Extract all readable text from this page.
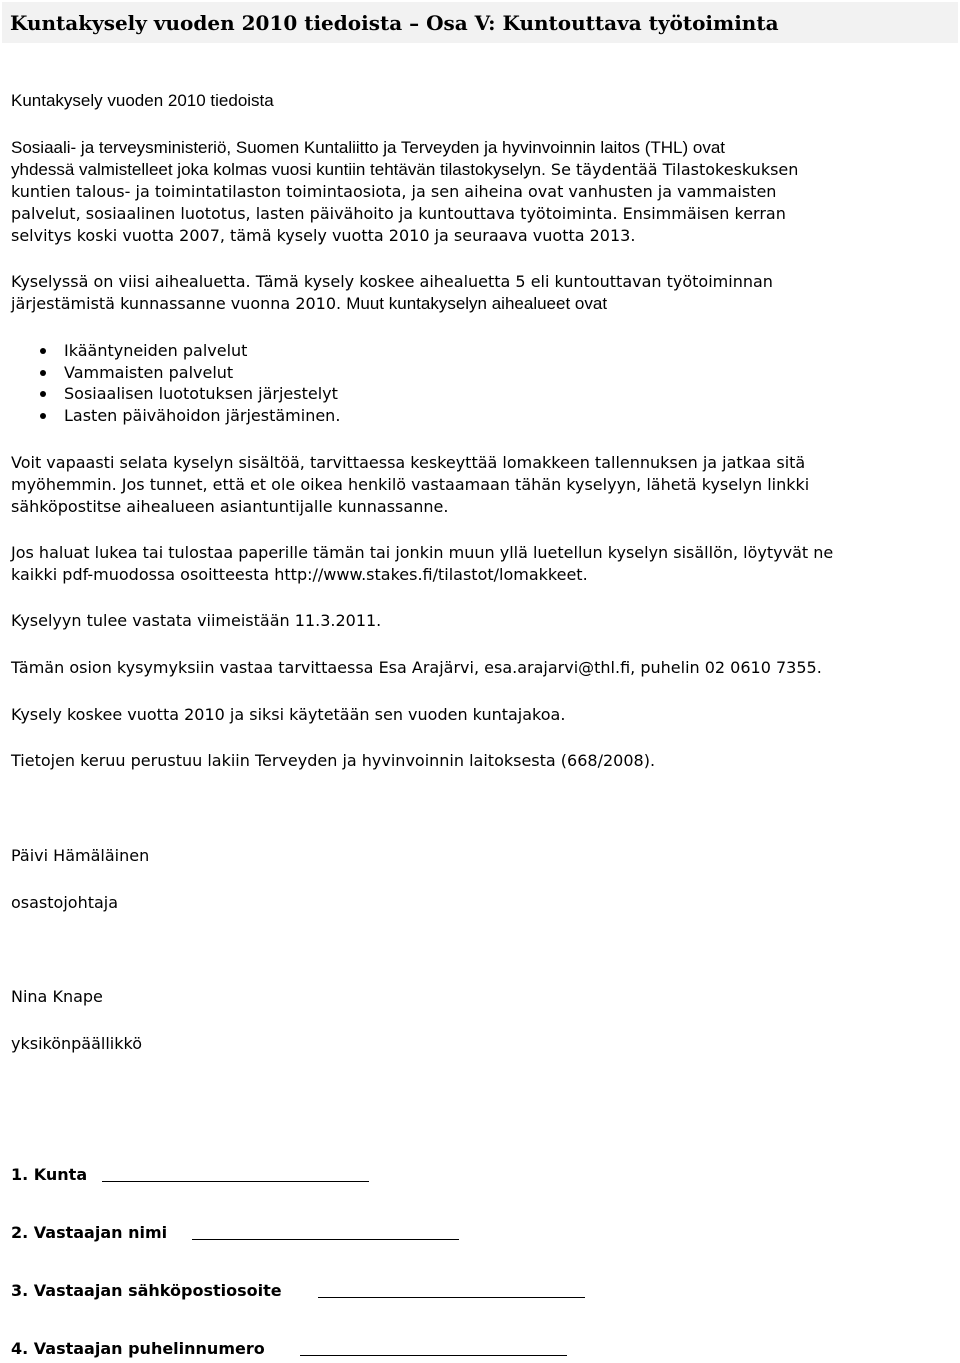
Kuntakysely vuoden 2010 tiedoista – Osa V: Kuntouttava työtoiminta
Kuntakysely vuoden 2010 tiedoista
Sosiaali- ja terveysministeriö, Suomen Kuntaliitto ja Terveyden ja hyvinvoinnin laitos (THL) ovat
yhdessä valmistelleet joka kolmas vuosi kuntiin tehtävän tilastokyselyn. Se täydentää Tilastokeskuksen
kuntien talous- ja toimintatilaston toimintaosiota, ja sen aiheina ovat vanhusten ja vammaisten
palvelut, sosiaalinen luototus, lasten päivähoito ja kuntouttava työtoiminta. Ensimmäisen kerran
selvitys koski vuotta 2007, tämä kysely vuotta 2010 ja seuraava vuotta 2013.
Kyselyssä on viisi aihealuetta. Tämä kysely koskee aihealuetta 5 eli kuntouttavan työtoiminnan
järjestämistä kunnassanne vuonna 2010. Muut kuntakyselyn aihealueet ovat
Ikääntyneiden palvelut
Vammaisten palvelut
Sosiaalisen luototuksen järjestelyt
Lasten päivähoidon järjestäminen.
Voit vapaasti selata kyselyn sisältöä, tarvittaessa keskeyttää lomakkeen tallennuksen ja jatkaa sitä
myöhemmin. Jos tunnet, että et ole oikea henkilö vastaamaan tähän kyselyyn, lähetä kyselyn linkki
sähköpostitse aihealueen asiantuntijalle kunnassanne.
Jos haluat lukea tai tulostaa paperille tämän tai jonkin muun yllä luetellun kyselyn sisällön, löytyvät ne
kaikki pdf-muodossa osoitteesta http://www.stakes.fi/tilastot/lomakkeet.
Kyselyyn tulee vastata viimeistään 11.3.2011.
Tämän osion kysymyksiin vastaa tarvittaessa Esa Arajärvi, esa.arajarvi@thl.fi, puhelin 02 0610 7355.
Kysely koskee vuotta 2010 ja siksi käytetään sen vuoden kuntajakoa.
Tietojen keruu perustuu lakiin Terveyden ja hyvinvoinnin laitoksesta (668/2008).
Päivi Hämäläinen
osastojohtaja
Nina Knape
yksikönpäällikkö
1. Kunta
2. Vastaajan nimi
3. Vastaajan sähköpostiosoite
4. Vastaajan puhelinnumero
